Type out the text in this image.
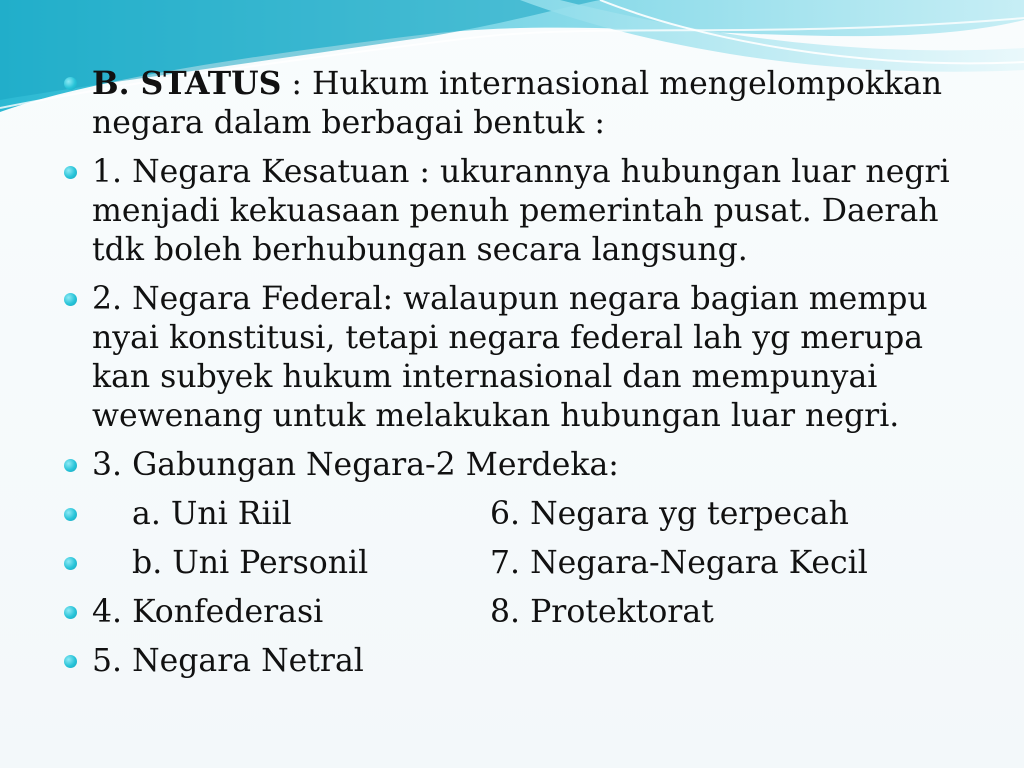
B. STATUS : Hukum internasional mengelompokkan negara dalam berbagai bentuk :
1. Negara Kesatuan : ukurannya hubungan luar negri menjadi kekuasaan penuh pemerintah pusat. Daerah tdk boleh berhubungan secara langsung.
2. Negara Federal: walaupun negara bagian mempu nyai konstitusi, tetapi negara federal lah yg merupa kan subyek hukum internasional dan mempunyai wewenang untuk melakukan hubungan luar negri.
3. Gabungan Negara-2 Merdeka:
a. Uni Riil	6. Negara yg terpecah
b. Uni Personil	7. Negara-Negara Kecil
4. Konfederasi	8. Protektorat
5. Negara Netral
